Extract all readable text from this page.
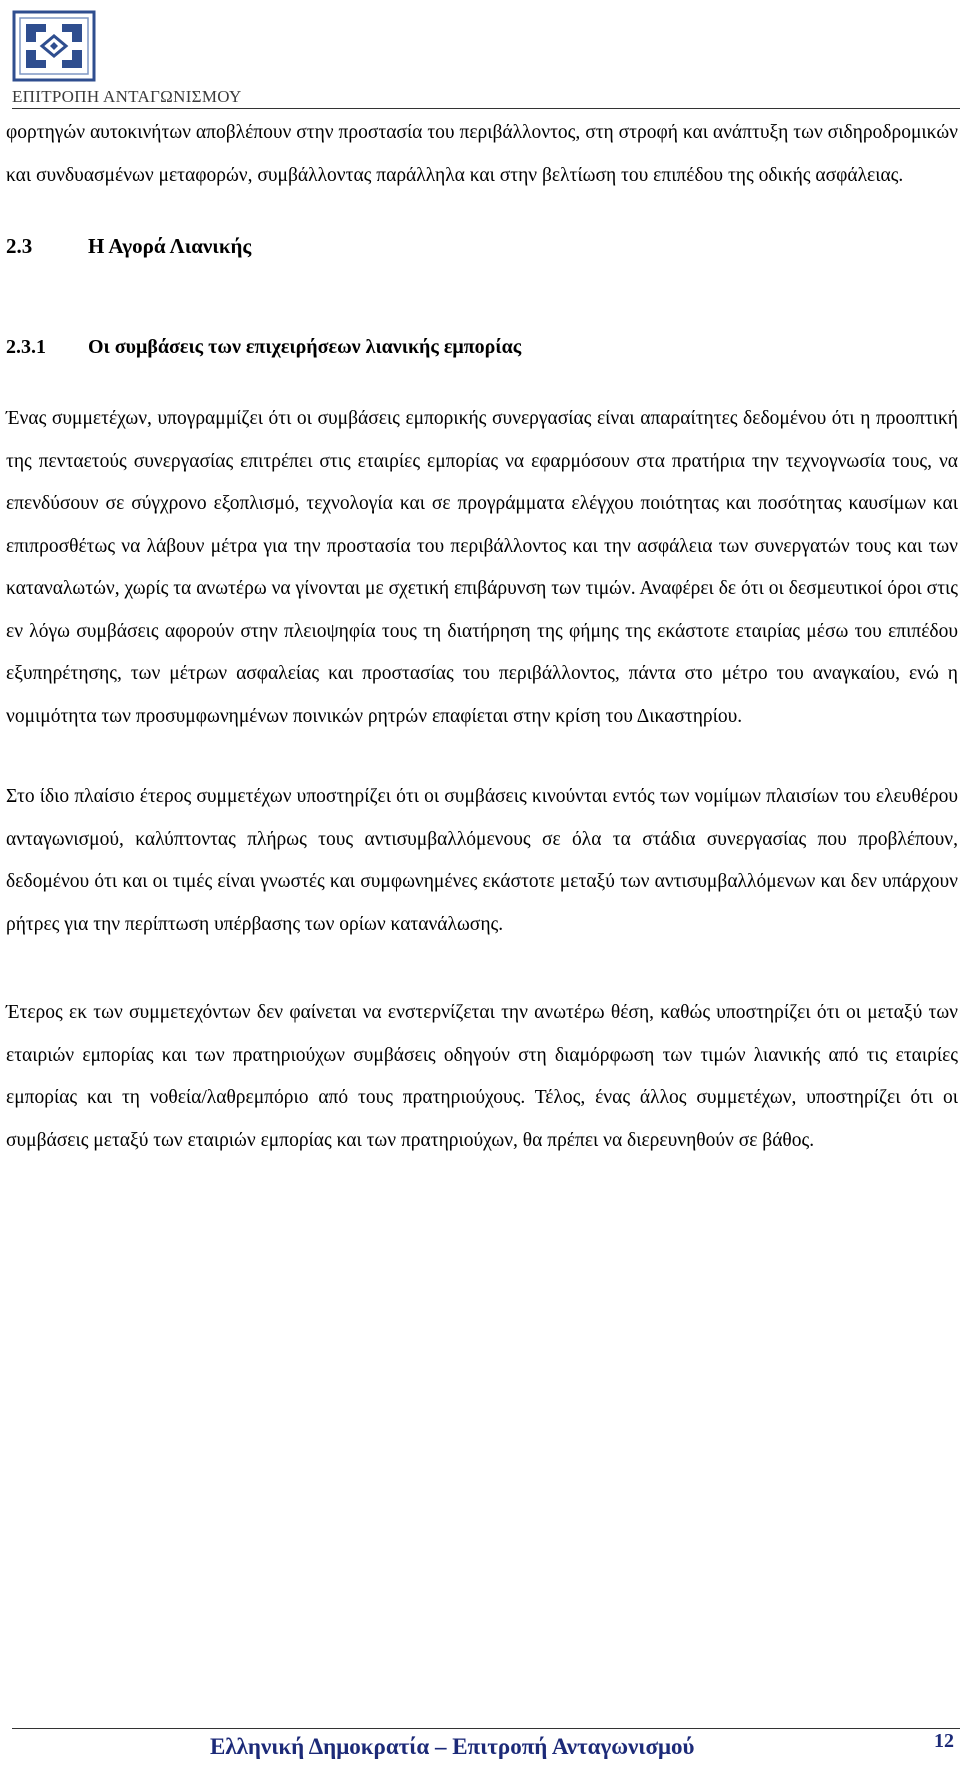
ΕΠΙΤΡΟΠΗ ΑΝΤΑΓΩΝΙΣΜΟΥ

φορτηγών αυτοκινήτων αποβλέπουν στην προστασία του περιβάλλοντος, στη στροφή και ανάπτυξη των σιδηροδρομικών και συνδυασμένων μεταφορών, συμβάλλοντας παράλληλα και στην βελτίωση του επιπέδου της οδικής ασφάλειας.

2.3	Η Αγορά Λιανικής
2.3.1	Οι συμβάσεις των επιχειρήσεων λιανικής εμπορίας

Ένας συμμετέχων, υπογραμμίζει ότι οι συμβάσεις εμπορικής συνεργασίας είναι απαραίτητες δεδομένου ότι η προοπτική της πενταετούς συνεργασίας επιτρέπει στις εταιρίες εμπορίας να εφαρμόσουν στα πρατήρια την τεχνογνωσία τους, να επενδύσουν σε σύγχρονο εξοπλισμό, τεχνολογία και σε προγράμματα ελέγχου ποιότητας και ποσότητας καυσίμων και επιπροσθέτως να λάβουν μέτρα για την προστασία του περιβάλλοντος και την ασφάλεια των συνεργατών τους και των καταναλωτών, χωρίς τα ανωτέρω να γίνονται με σχετική επιβάρυνση των τιμών. Αναφέρει δε ότι οι δεσμευτικοί όροι στις εν λόγω συμβάσεις αφορούν στην πλειοψηφία τους τη διατήρηση της φήμης της εκάστοτε εταιρίας μέσω του επιπέδου εξυπηρέτησης, των μέτρων ασφαλείας και προστασίας του περιβάλλοντος, πάντα στο μέτρο του αναγκαίου, ενώ η νομιμότητα των προσυμφωνημένων ποινικών ρητρών επαφίεται στην κρίση του Δικαστηρίου.

Στο ίδιο πλαίσιο έτερος συμμετέχων υποστηρίζει ότι οι συμβάσεις κινούνται εντός των νομίμων πλαισίων του ελευθέρου ανταγωνισμού, καλύπτοντας πλήρως τους αντισυμβαλλόμενους σε όλα τα στάδια συνεργασίας που προβλέπουν, δεδομένου ότι και οι τιμές είναι γνωστές και συμφωνημένες εκάστοτε μεταξύ των αντισυμβαλλόμενων και δεν υπάρχουν ρήτρες για την περίπτωση υπέρβασης των ορίων κατανάλωσης.

Έτερος εκ των συμμετεχόντων δεν φαίνεται να ενστερνίζεται την ανωτέρω θέση, καθώς υποστηρίζει ότι οι μεταξύ των εταιριών εμπορίας και των πρατηριούχων συμβάσεις οδηγούν στη διαμόρφωση των τιμών λιανικής από τις εταιρίες εμπορίας και τη νοθεία/λαθρεμπόριο από τους πρατηριούχους. Τέλος, ένας άλλος συμμετέχων, υποστηρίζει ότι οι συμβάσεις μεταξύ των εταιριών εμπορίας και των πρατηριούχων, θα πρέπει να διερευνηθούν σε βάθος.

Ελληνική Δημοκρατία – Επιτροπή Ανταγωνισμού	12
